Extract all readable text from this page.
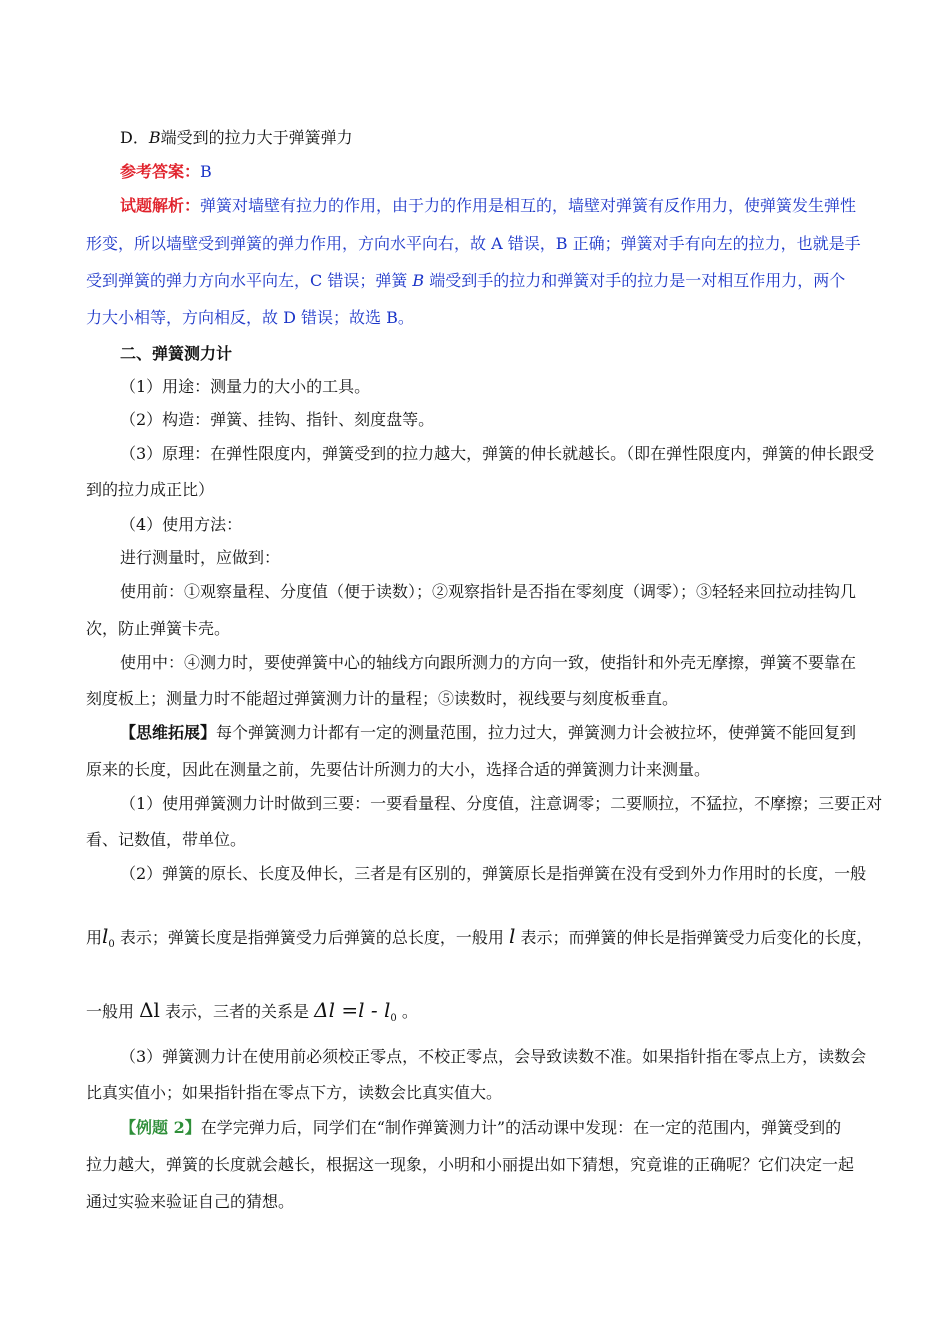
D．B端受到的拉力大于弹簧弹力
参考答案：B
试题解析：弹簧对墙壁有拉力的作用，由于力的作用是相互的，墙壁对弹簧有反作用力，使弹簧发生弹性
形变，所以墙壁受到弹簧的弹力作用，方向水平向右，故 A 错误，B 正确；弹簧对手有向左的拉力，也就是手
受到弹簧的弹力方向水平向左，C 错误；弹簧 B 端受到手的拉力和弹簧对手的拉力是一对相互作用力，两个
力大小相等，方向相反，故 D 错误；故选 B。
二、弹簧测力计
（1）用途：测量力的大小的工具。
（2）构造：弹簧、挂钩、指针、刻度盘等。
（3）原理：在弹性限度内，弹簧受到的拉力越大，弹簧的伸长就越长。（即在弹性限度内，弹簧的伸长跟受
到的拉力成正比）
（4）使用方法：
进行测量时，应做到：
使用前：①观察量程、分度值（便于读数）；②观察指针是否指在零刻度（调零）；③轻轻来回拉动挂钩几
次，防止弹簧卡壳。
使用中：④测力时，要使弹簧中心的轴线方向跟所测力的方向一致，使指针和外壳无摩擦，弹簧不要靠在
刻度板上；测量力时不能超过弹簧测力计的量程；⑤读数时，视线要与刻度板垂直。
【思维拓展】每个弹簧测力计都有一定的测量范围，拉力过大，弹簧测力计会被拉坏，使弹簧不能回复到
原来的长度，因此在测量之前，先要估计所测力的大小，选择合适的弹簧测力计来测量。
（1）使用弹簧测力计时做到三要：一要看量程、分度值，注意调零；二要顺拉，不猛拉，不摩擦；三要正对
看、记数值，带单位。
（2）弹簧的原长、长度及伸长，三者是有区别的，弹簧原长是指弹簧在没有受到外力作用时的长度，一般
用$l_0$ 表示；弹簧长度是指弹簧受力后弹簧的总长度，一般用 l 表示；而弹簧的伸长是指弹簧受力后变化的长度，
一般用 Δl 表示，三者的关系是 $\Delta l =l - l_0$ 。
（3）弹簧测力计在使用前必须校正零点，不校正零点，会导致读数不准。如果指针指在零点上方，读数会
比真实值小；如果指针指在零点下方，读数会比真实值大。
【例题 2】在学完弹力后，同学们在“制作弹簧测力计”的活动课中发现：在一定的范围内，弹簧受到的
拉力越大，弹簧的长度就会越长，根据这一现象，小明和小丽提出如下猜想，究竟谁的正确呢？它们决定一起
通过实验来验证自己的猜想。
